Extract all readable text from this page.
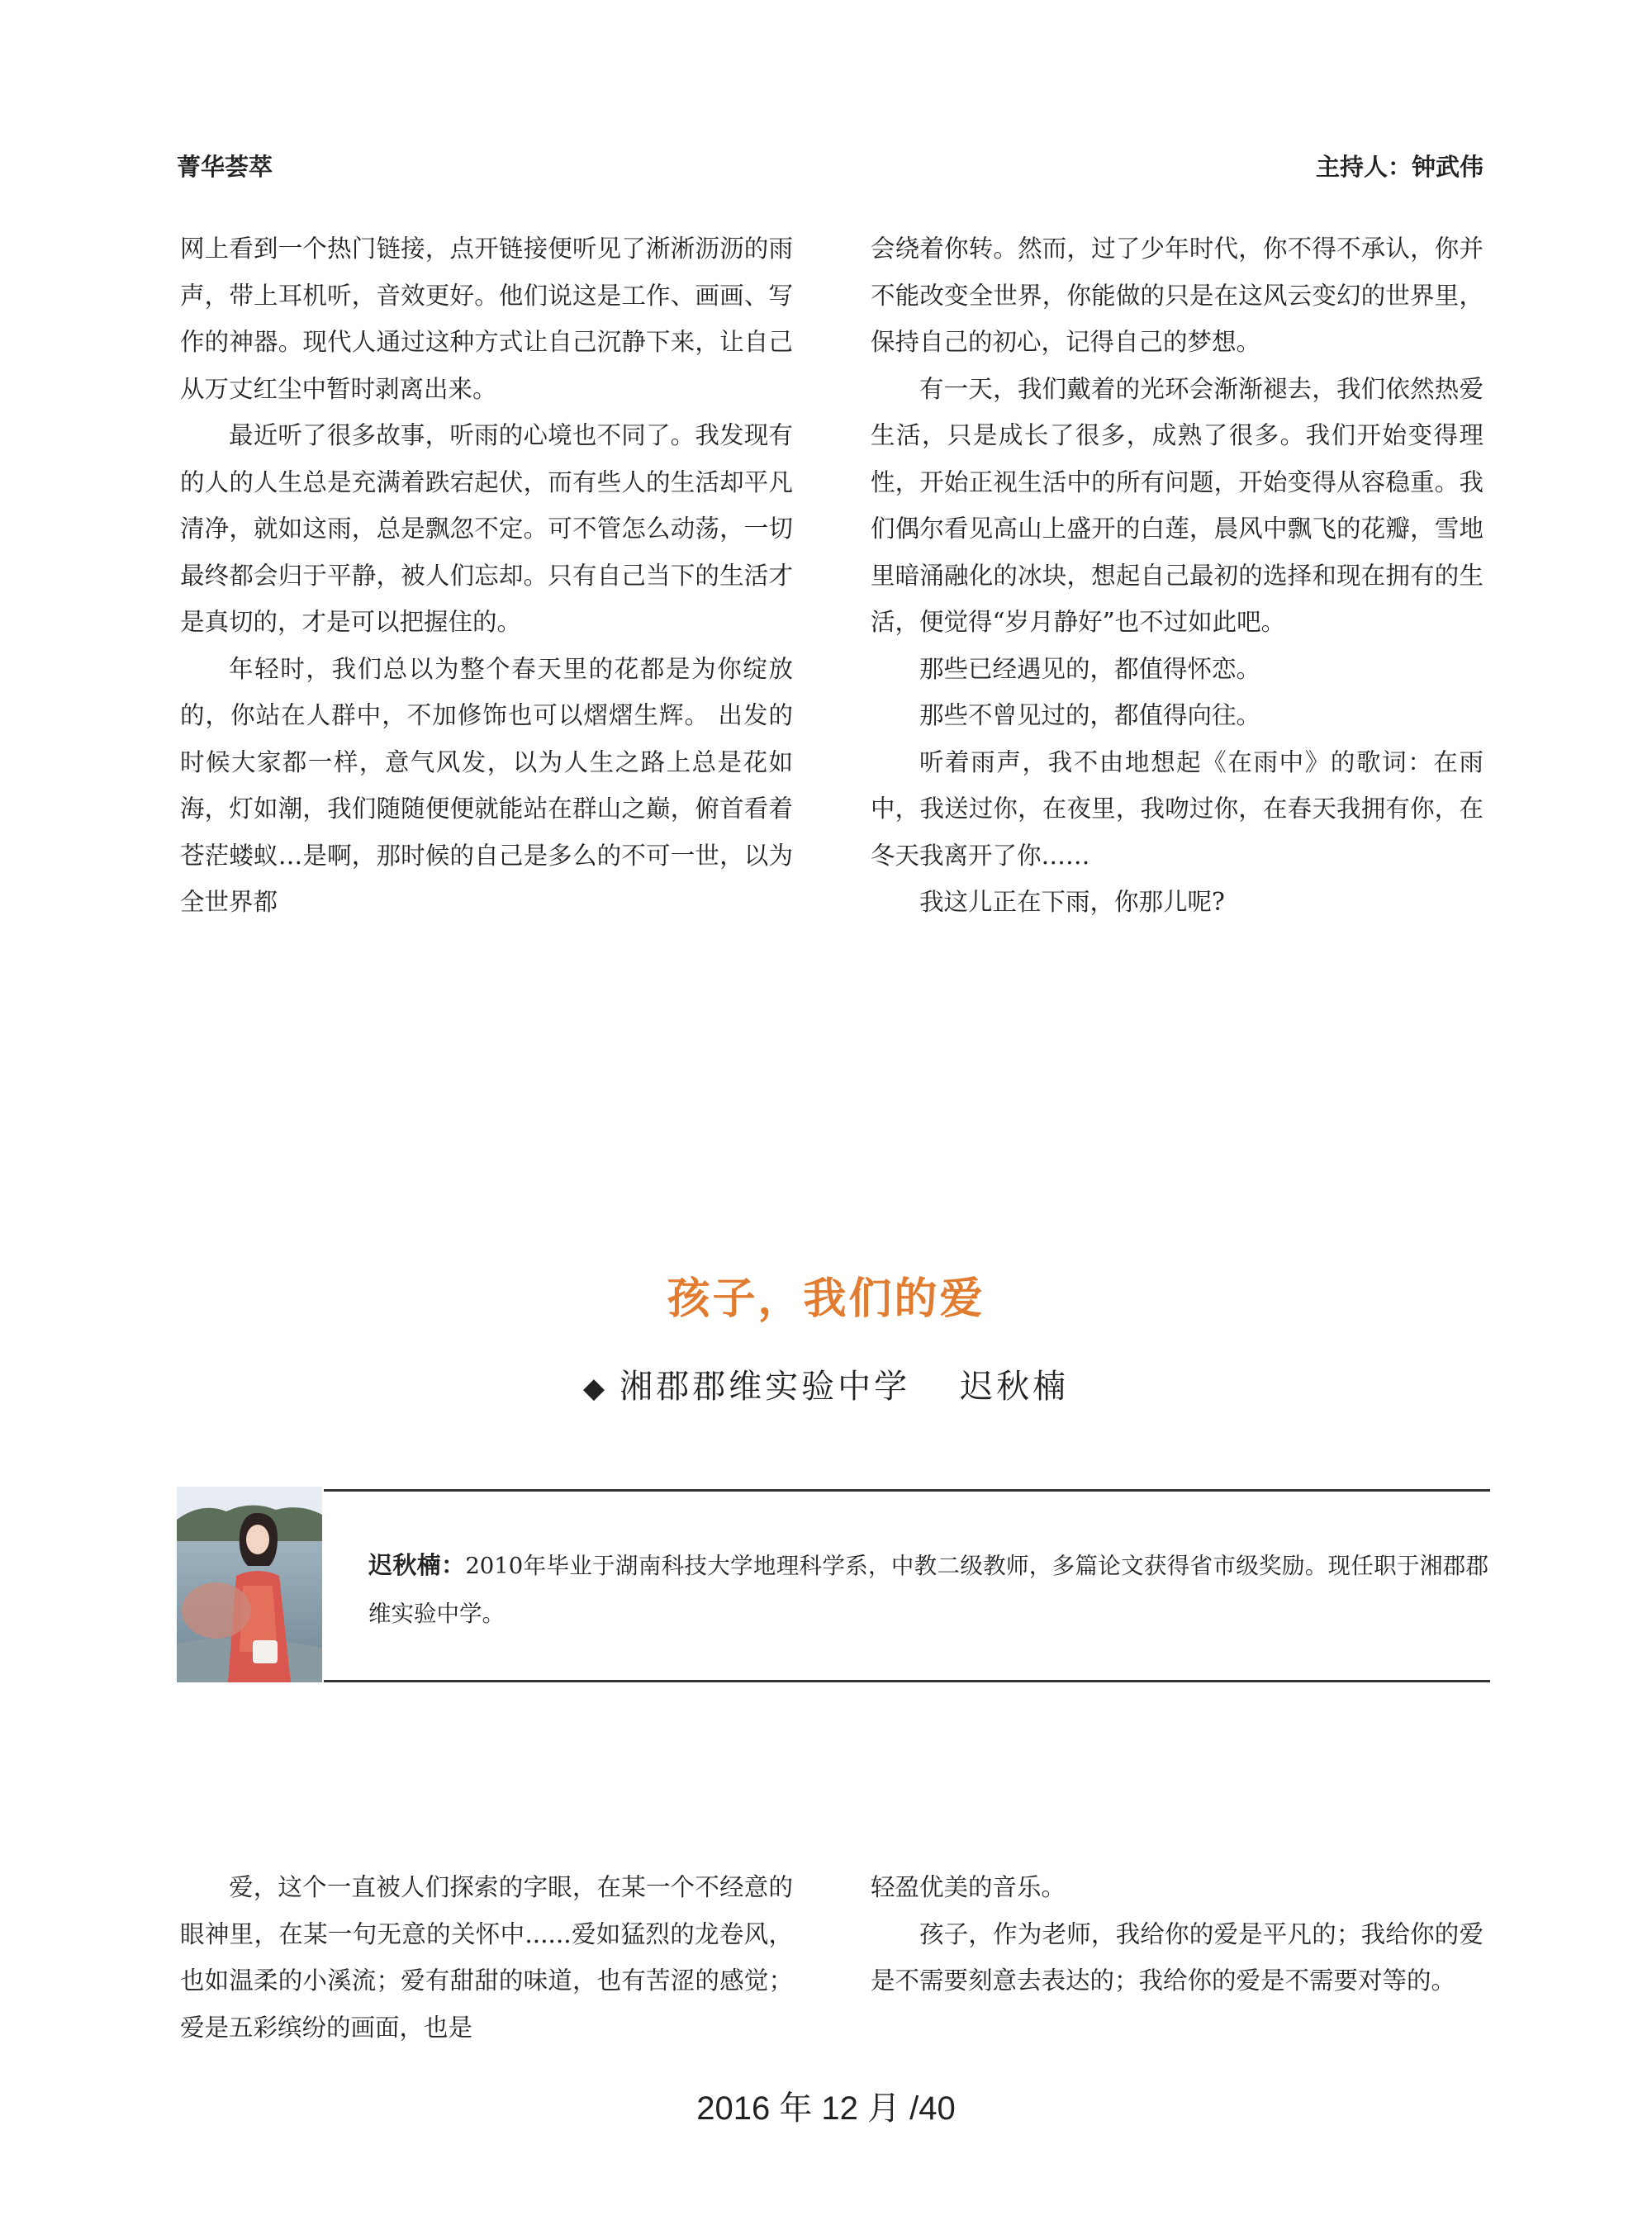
菁华荟萃	主持人：钟武伟

网上看到一个热门链接，点开链接便听见了淅淅沥沥的雨声，带上耳机听，音效更好。他们说这是工作、画画、写作的神器。现代人通过这种方式让自己沉静下来，让自己从万丈红尘中暂时剥离出来。

最近听了很多故事，听雨的心境也不同了。我发现有的人的人生总是充满着跌宕起伏，而有些人的生活却平凡清净，就如这雨，总是飘忽不定。可不管怎么动荡，一切最终都会归于平静，被人们忘却。只有自己当下的生活才是真切的，才是可以把握住的。

年轻时，我们总以为整个春天里的花都是为你绽放的，你站在人群中，不加修饰也可以熠熠生辉。 出发的时候大家都一样，意气风发，以为人生之路上总是花如海，灯如潮，我们随随便便就能站在群山之巅，俯首看着苍茫蝼蚁…是啊，那时候的自己是多么的不可一世，以为全世界都

会绕着你转。然而，过了少年时代，你不得不承认，你并不能改变全世界，你能做的只是在这风云变幻的世界里，保持自己的初心，记得自己的梦想。

有一天，我们戴着的光环会渐渐褪去，我们依然热爱生活，只是成长了很多，成熟了很多。我们开始变得理性，开始正视生活中的所有问题，开始变得从容稳重。我们偶尔看见高山上盛开的白莲，晨风中飘飞的花瓣，雪地里暗涌融化的冰块，想起自己最初的选择和现在拥有的生活，便觉得“岁月静好”也不过如此吧。

那些已经遇见的，都值得怀恋。

那些不曾见过的，都值得向往。

听着雨声，我不由地想起《在雨中》的歌词：在雨中，我送过你，在夜里，我吻过你，在春天我拥有你，在冬天我离开了你……

我这儿正在下雨，你那儿呢?

孩子，我们的爱
◆ 湘郡郡维实验中学 迟秋楠
迟秋楠：2010年毕业于湖南科技大学地理科学系，中教二级教师，多篇论文获得省市级奖励。现任职于湘郡郡维实验中学。

爱，这个一直被人们探索的字眼，在某一个不经意的眼神里，在某一句无意的关怀中......爱如猛烈的龙卷风，也如温柔的小溪流；爱有甜甜的味道，也有苦涩的感觉；爱是五彩缤纷的画面，也是

轻盈优美的音乐。

孩子，作为老师，我给你的爱是平凡的；我给你的爱是不需要刻意去表达的；我给你的爱是不需要对等的。

2016 年 12 月 /40
